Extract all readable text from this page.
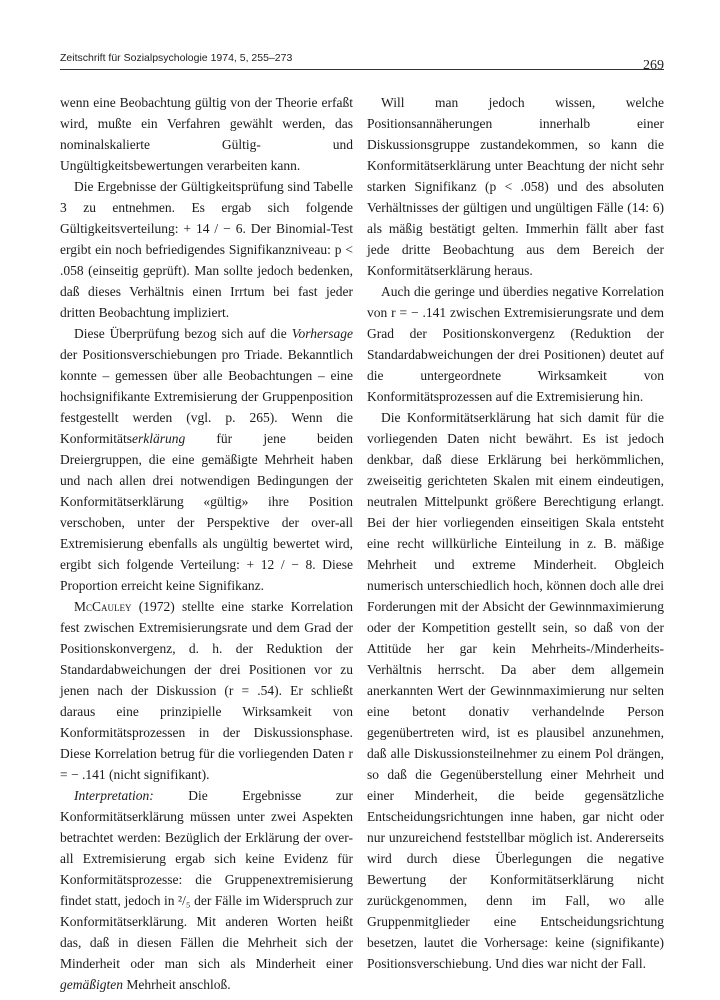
Zeitschrift für Sozialpsychologie 1974, 5, 255–273	269

wenn eine Beobachtung gültig von der Theorie erfaßt wird, mußte ein Verfahren gewählt werden, das nominalskalierte Gültig- und Ungültigkeitsbewertungen verarbeiten kann.

Die Ergebnisse der Gültigkeitsprüfung sind Tabelle 3 zu entnehmen. Es ergab sich folgende Gültigkeitsverteilung: + 14 / − 6. Der Binomial-Test ergibt ein noch befriedigendes Signifikanzniveau: p < .058 (einseitig geprüft). Man sollte jedoch bedenken, daß dieses Verhältnis einen Irrtum bei fast jeder dritten Beobachtung impliziert.

Diese Überprüfung bezog sich auf die Vorhersage der Positionsverschiebungen pro Triade. Bekanntlich konnte – gemessen über alle Beobachtungen – eine hochsignifikante Extremisierung der Gruppenposition festgestellt werden (vgl. p. 265). Wenn die Konformitätserklärung für jene beiden Dreiergruppen, die eine gemäßigte Mehrheit haben und nach allen drei notwendigen Bedingungen der Konformitätserklärung «gültig» ihre Position verschoben, unter der Perspektive der over-all Extremisierung ebenfalls als ungültig bewertet wird, ergibt sich folgende Verteilung: + 12 / − 8. Diese Proportion erreicht keine Signifikanz.

McCauley (1972) stellte eine starke Korrelation fest zwischen Extremisierungsrate und dem Grad der Positionskonvergenz, d. h. der Reduktion der Standardabweichungen der drei Positionen vor zu jenen nach der Diskussion (r = .54). Er schließt daraus eine prinzipielle Wirksamkeit von Konformitätsprozessen in der Diskussionsphase. Diese Korrelation betrug für die vorliegenden Daten r = − .141 (nicht signifikant).

Interpretation: Die Ergebnisse zur Konformitätserklärung müssen unter zwei Aspekten betrachtet werden: Bezüglich der Erklärung der over-all Extremisierung ergab sich keine Evidenz für Konformitätsprozesse: die Gruppenextremisierung findet statt, jedoch in ²/₅ der Fälle im Widerspruch zur Konformitätserklärung. Mit anderen Worten heißt das, daß in diesen Fällen die Mehrheit sich der Minderheit oder man sich als Minderheit einer gemäßigten Mehrheit anschloß.

Will man jedoch wissen, welche Positionsannäherungen innerhalb einer Diskussionsgruppe zustandekommen, so kann die Konformitätserklärung unter Beachtung der nicht sehr starken Signifikanz (p < .058) und des absoluten Verhältnisses der gültigen und ungültigen Fälle (14: 6) als mäßig bestätigt gelten. Immerhin fällt aber fast jede dritte Beobachtung aus dem Bereich der Konformitätserklärung heraus.

Auch die geringe und überdies negative Korrelation von r = − .141 zwischen Extremisierungsrate und dem Grad der Positionskonvergenz (Reduktion der Standardabweichungen der drei Positionen) deutet auf die untergeordnete Wirksamkeit von Konformitätsprozessen auf die Extremisierung hin.

Die Konformitätserklärung hat sich damit für die vorliegenden Daten nicht bewährt. Es ist jedoch denkbar, daß diese Erklärung bei herkömmlichen, zweiseitig gerichteten Skalen mit einem eindeutigen, neutralen Mittelpunkt größere Berechtigung erlangt. Bei der hier vorliegenden einseitigen Skala entsteht eine recht willkürliche Einteilung in z. B. mäßige Mehrheit und extreme Minderheit. Obgleich numerisch unterschiedlich hoch, können doch alle drei Forderungen mit der Absicht der Gewinnmaximierung oder der Kompetition gestellt sein, so daß von der Attitüde her gar kein Mehrheits-/Minderheits-Verhältnis herrscht. Da aber dem allgemein anerkannten Wert der Gewinnmaximierung nur selten eine betont donativ verhandelnde Person gegenübertreten wird, ist es plausibel anzunehmen, daß alle Diskussionsteilnehmer zu einem Pol drängen, so daß die Gegenüberstellung einer Mehrheit und einer Minderheit, die beide gegensätzliche Entscheidungsrichtungen inne haben, gar nicht oder nur unzureichend feststellbar möglich ist. Andererseits wird durch diese Überlegungen die negative Bewertung der Konformitätserklärung nicht zurückgenommen, denn im Fall, wo alle Gruppenmitglieder eine Entscheidungsrichtung besetzen, lautet die Vorhersage: keine (signifikante) Positionsverschiebung. Und dies war nicht der Fall.
